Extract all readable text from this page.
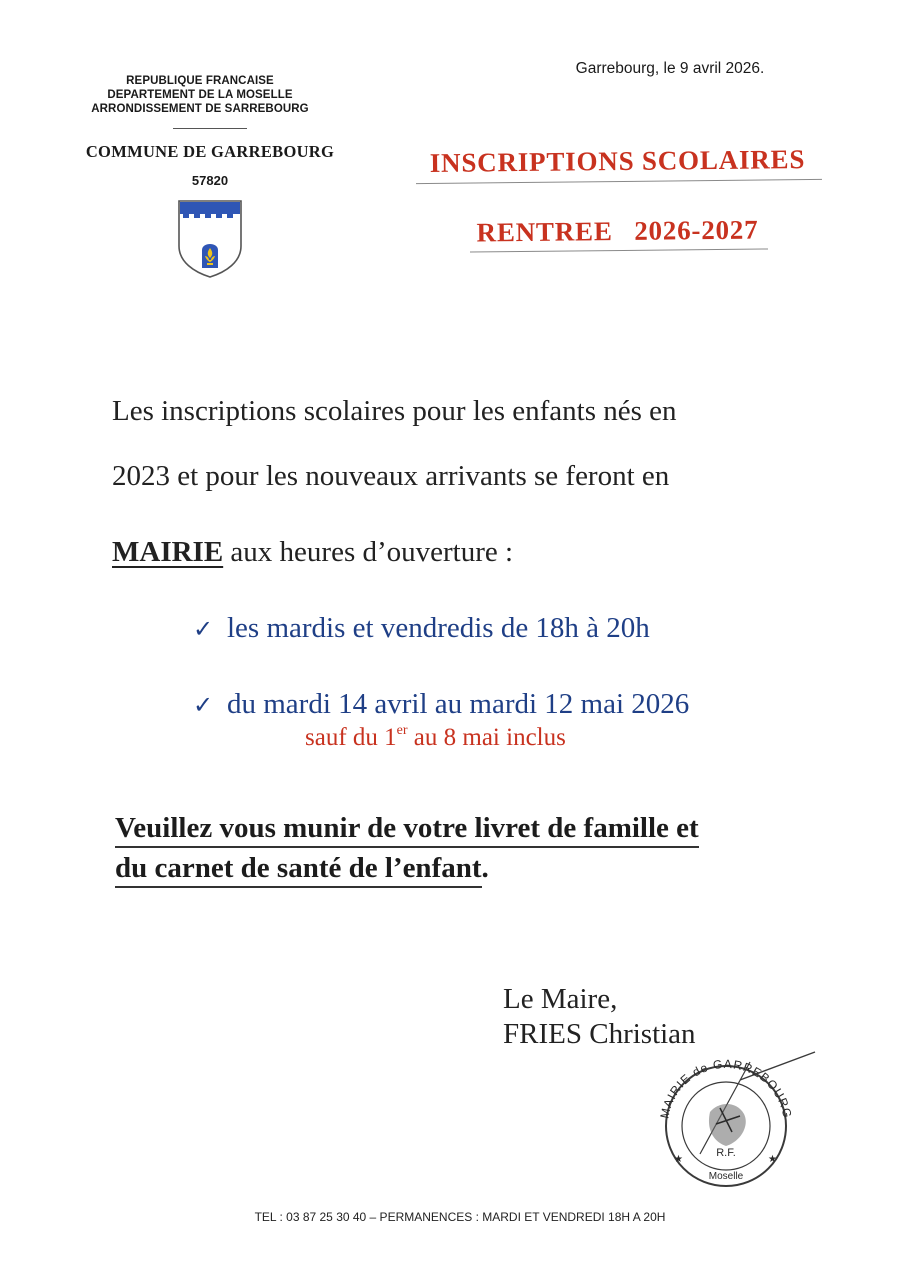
REPUBLIQUE FRANCAISE
DEPARTEMENT DE LA MOSELLE
ARRONDISSEMENT DE SARREBOURG
COMMUNE DE GARREBOURG
57820
Garrebourg, le 9 avril 2026.
INSCRIPTIONS SCOLAIRES
RENTREE 2026-2027
Les inscriptions scolaires pour les enfants nés en
2023 et pour les nouveaux arrivants se feront en
MAIRIE aux heures d’ouverture :
✓ les mardis et vendredis de 18h à 20h
✓ du mardi 14 avril au mardi 12 mai 2026
sauf du 1er au 8 mai inclus
Veuillez vous munir de votre livret de famille et
du carnet de santé de l’enfant.
Le Maire,
FRIES Christian
MAIRIE de GARREBOURG
R.F.
Moselle
★	★
TEL : 03 87 25 30 40 – PERMANENCES : MARDI ET VENDREDI 18H A 20H
